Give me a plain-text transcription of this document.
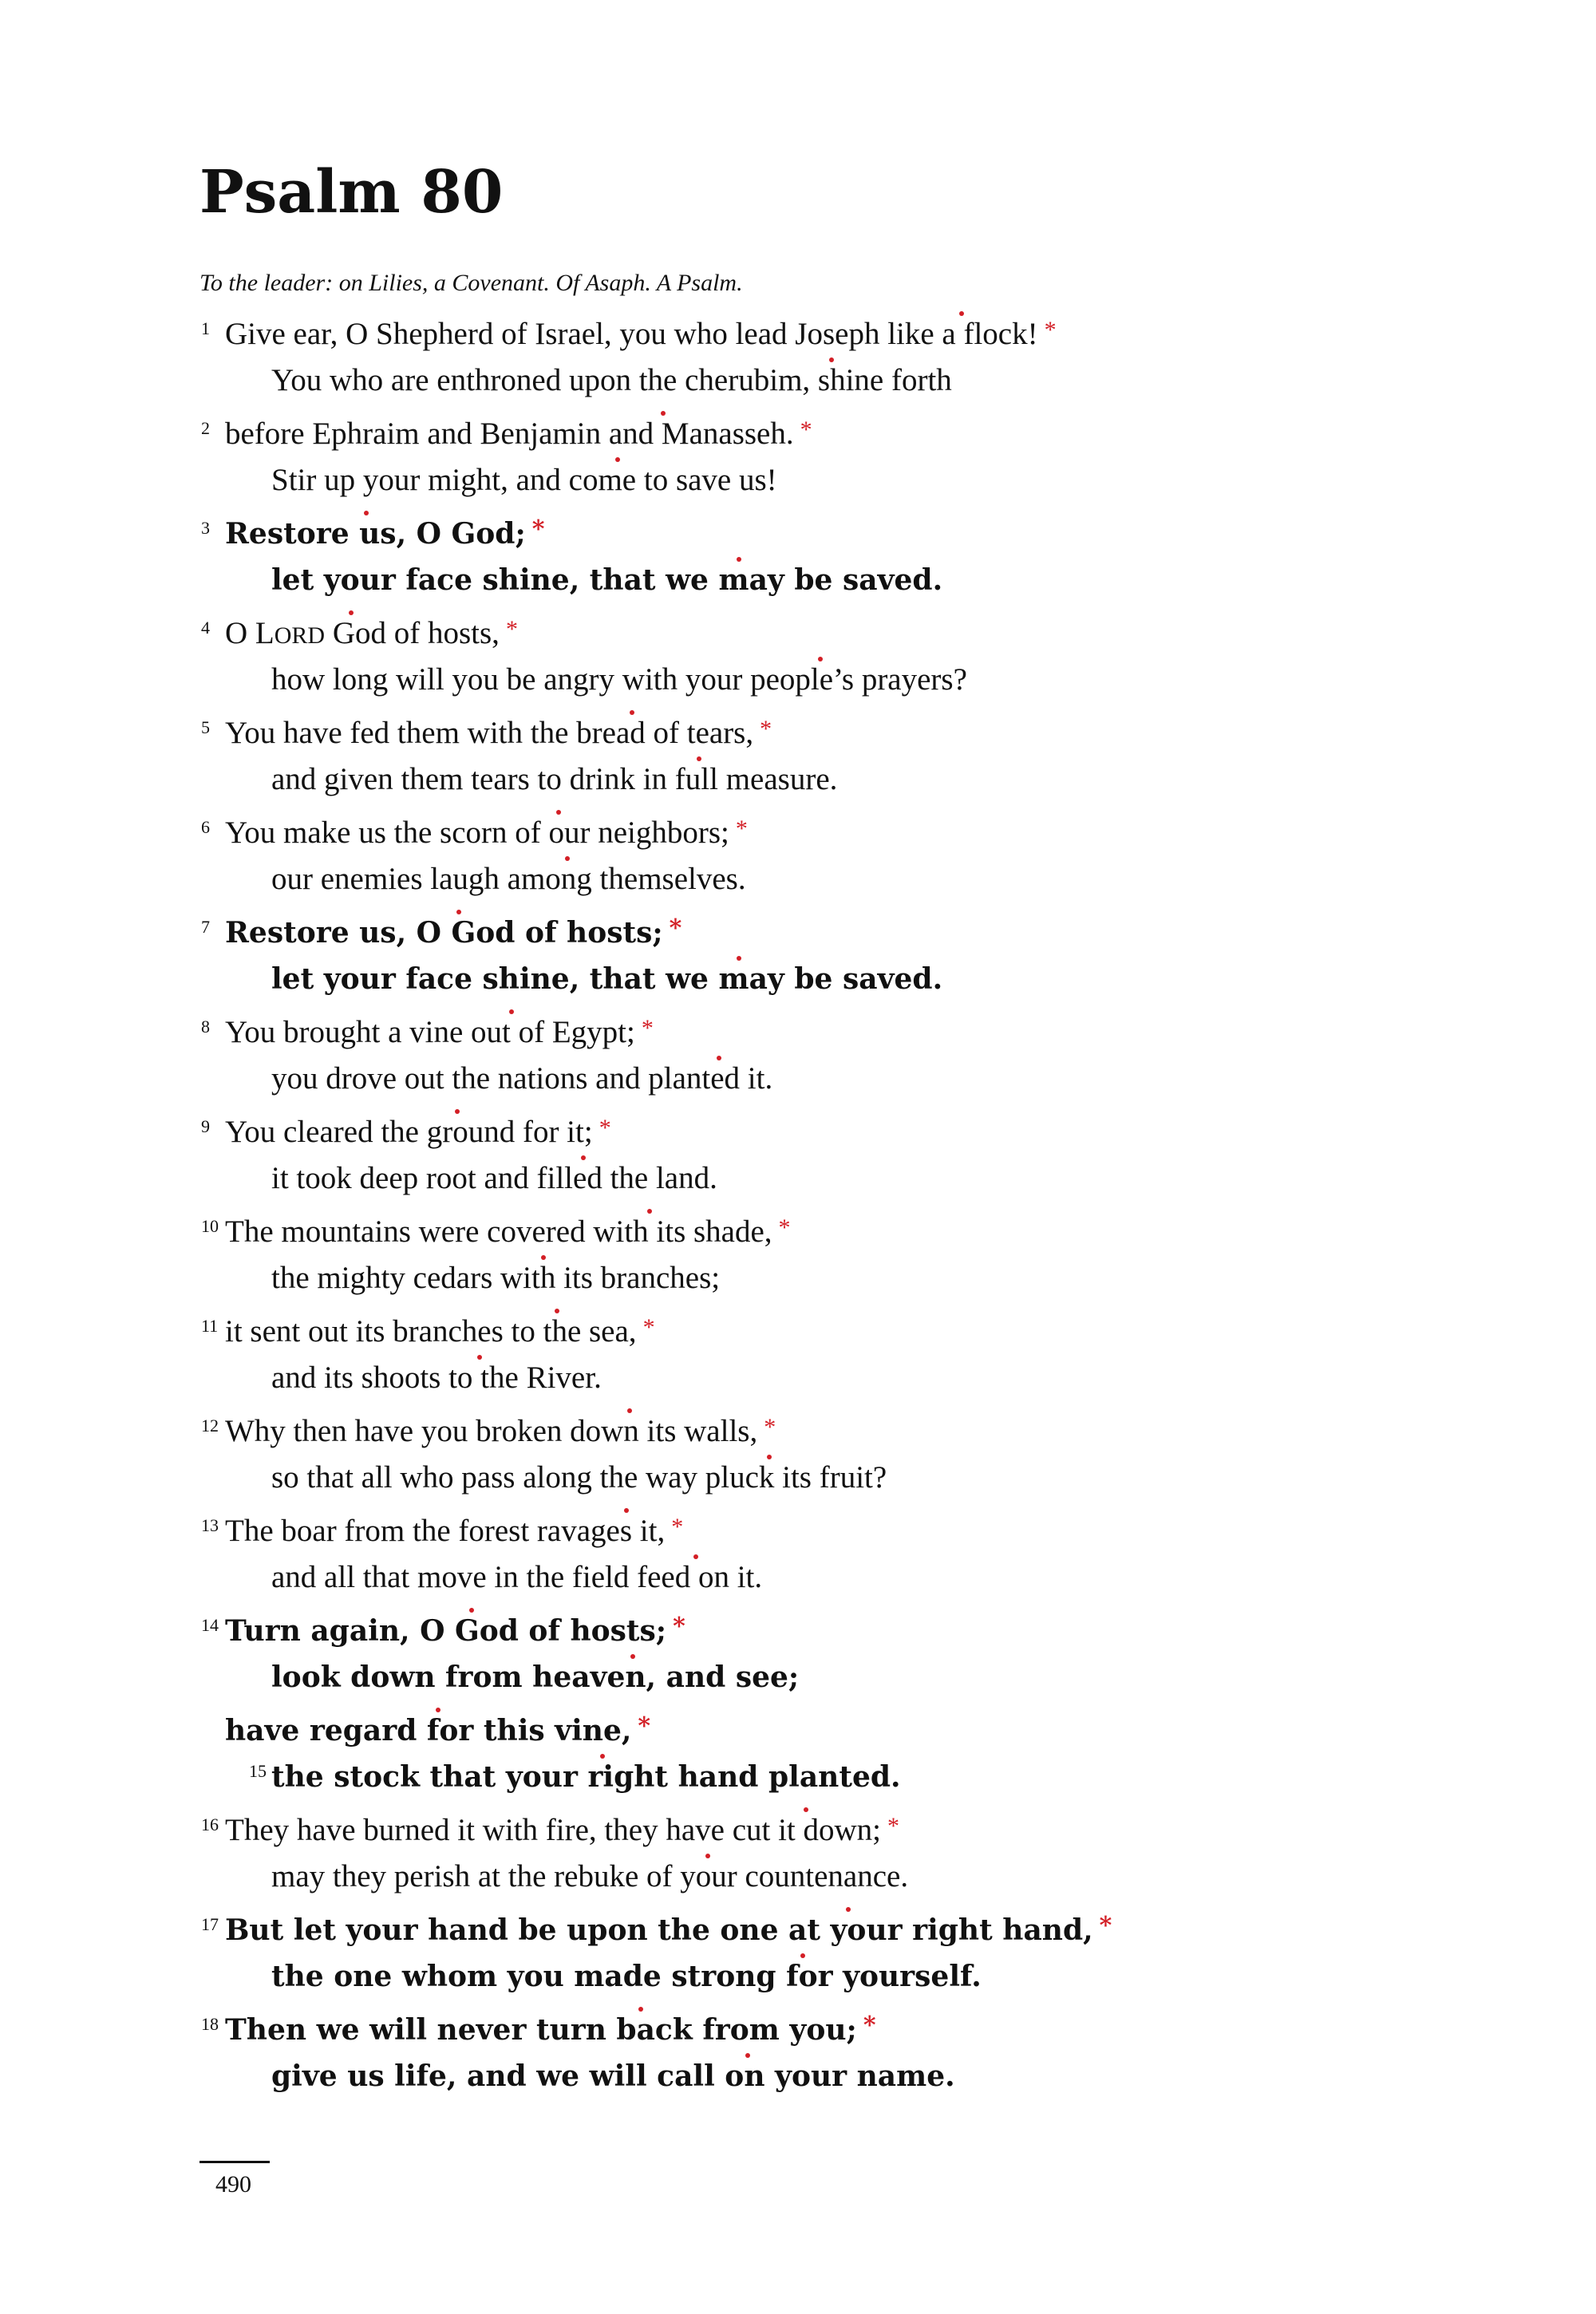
Psalm 80

To the leader: on Lilies, a Covenant. Of Asaph. A Psalm.

Give ear, O Shepherd of Israel, you who lead Joseph like a flock! *
1
You who are enthroned upon the cherubim, shine forth
before Ephraim and Benjamin and Manasseh. *
2
Stir up your might, and come to save us!
Restore us, O God; *
3
let your face shine, that we may be saved.
O LORD God of hosts, *
4
how long will you be angry with your people’s prayers?
You have fed them with the bread of tears, *
5
and given them tears to drink in full measure.
You make us the scorn of our neighbors; *
6
our enemies laugh among themselves.
Restore us, O God of hosts; *
7
let your face shine, that we may be saved.
You brought a vine out of Egypt; *
8
you drove out the nations and planted it.
You cleared the ground for it; *
9
it took deep root and filled the land.
The mountains were covered with its shade, *
10
the mighty cedars with its branches;
it sent out its branches to the sea, *
11
and its shoots to the River.
Why then have you broken down its walls, *
12
so that all who pass along the way pluck its fruit?
The boar from the forest ravages it, *
13
and all that move in the field feed on it.
Turn again, O God of hosts; *
14
look down from heaven, and see;
have regard for this vine, *
the stock that your right hand planted.
15
They have burned it with fire, they have cut it down; *
16
may they perish at the rebuke of your countenance.
But let your hand be upon the one at your right hand, *
17
the one whom you made strong for yourself.
Then we will never turn back from you; *
18
give us life, and we will call on your name.
490
